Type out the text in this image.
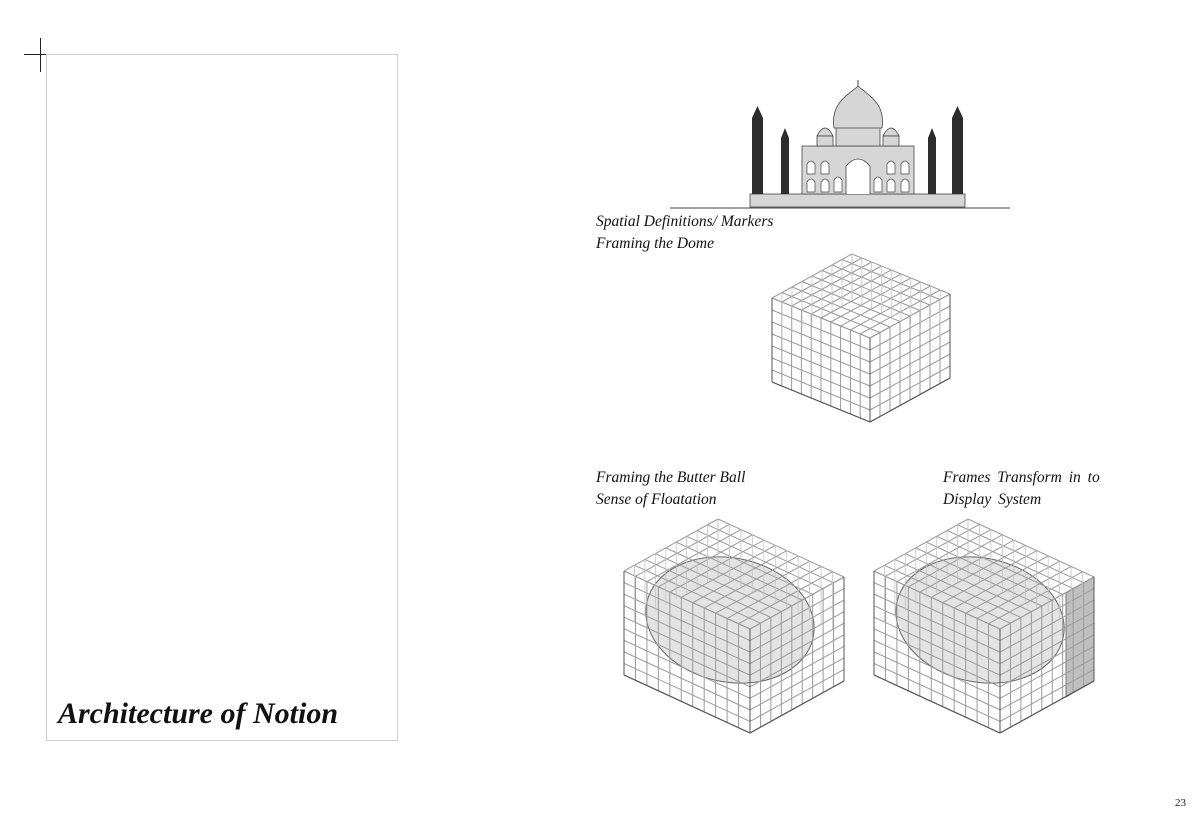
Architecture of Notion
Spatial Definitions/ Markers
Framing the Dome
Framing the Butter Ball
Sense of Floatation
Frames Transform in to
Display System
23
